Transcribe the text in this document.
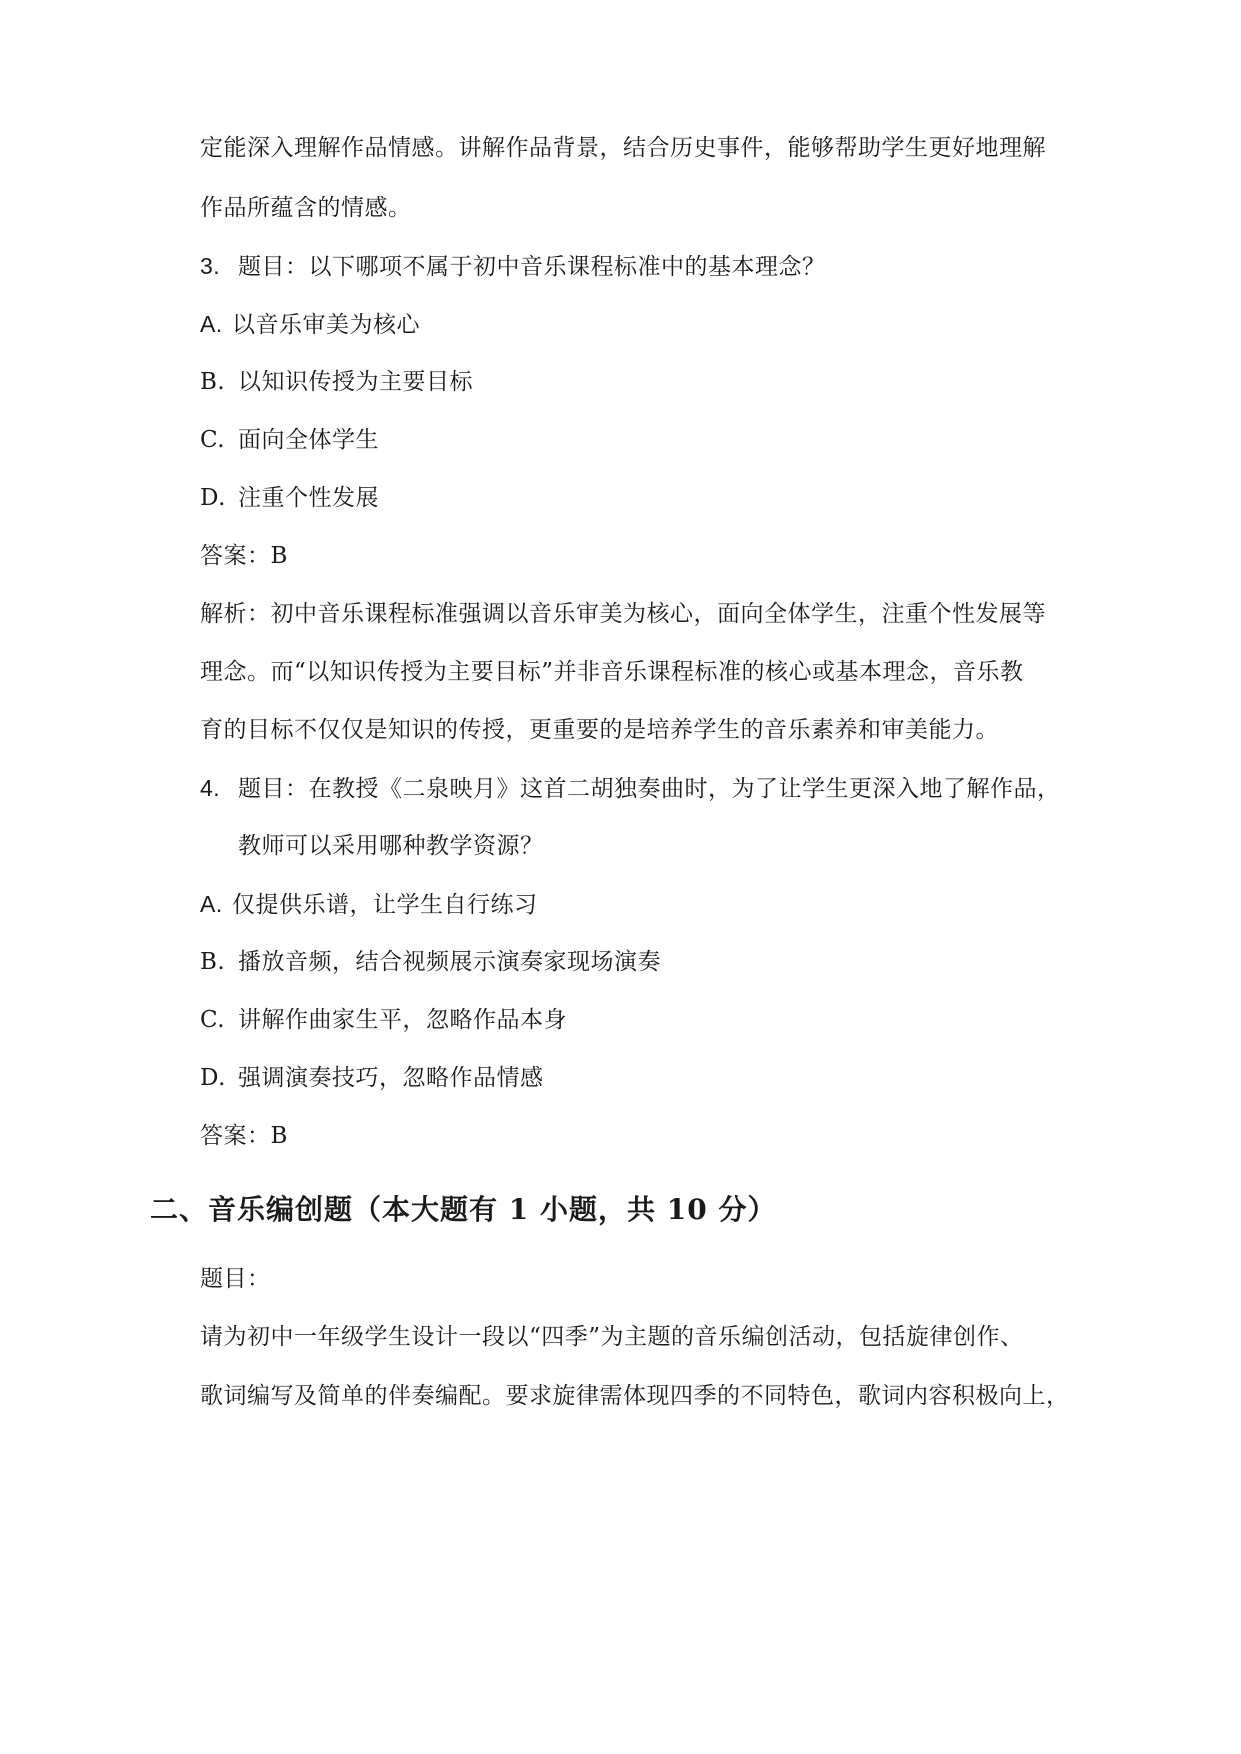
定能深入理解作品情感。讲解作品背景，结合历史事件，能够帮助学生更好地理解
作品所蕴含的情感。
3. 题目：以下哪项不属于初中音乐课程标准中的基本理念？
A. 以音乐审美为核心
B. 以知识传授为主要目标
C. 面向全体学生
D. 注重个性发展
答案：B
解析：初中音乐课程标准强调以音乐审美为核心，面向全体学生，注重个性发展等
理念。而“以知识传授为主要目标”并非音乐课程标准的核心或基本理念，音乐教
育的目标不仅仅是知识的传授，更重要的是培养学生的音乐素养和审美能力。
4. 题目：在教授《二泉映月》这首二胡独奏曲时，为了让学生更深入地了解作品，
教师可以采用哪种教学资源？
A. 仅提供乐谱，让学生自行练习
B. 播放音频，结合视频展示演奏家现场演奏
C. 讲解作曲家生平，忽略作品本身
D. 强调演奏技巧，忽略作品情感
答案：B
二、音乐编创题（本大题有 1 小题，共 10 分）
题目：
请为初中一年级学生设计一段以“四季”为主题的音乐编创活动，包括旋律创作、
歌词编写及简单的伴奏编配。要求旋律需体现四季的不同特色，歌词内容积极向上，
